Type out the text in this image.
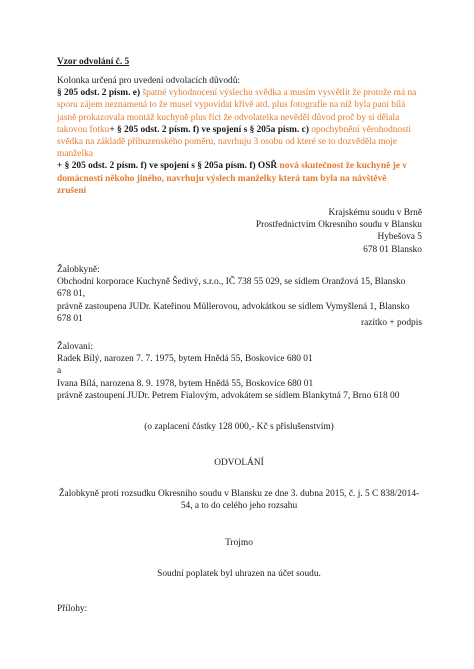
Vzor odvolání č. 5
Kolonka určená pro uvedení odvolacích důvodů:
§ 205 odst. 2 písm. e) špatné vyhodnocení výslechu svědka a musím vysvětlit že protože má na sporu zájem neznamená to že musel vypovídat křivě atd. plus fotografie na níž byla paní bílá jasně prokazovala montáž kuchyně plus říct že odvolatelka nevěděl důvod proč by si dělala takovou fotku+ § 205 odst. 2 písm. f) ve spojení s § 205a písm. c) opochybnění věrohodnosti svědka na základě příbuzenského poměru, navrhuju 3 osobu od které se to dozvěděla moje manželka
+ § 205 odst. 2 písm. f) ve spojení s § 205a písm. f) OSŘ nová skutečnost že kuchyně je v domácnosti někoho jiného, navrhuju výslech manželky která tam byla na návštěvě
zrušení
Krajskému soudu v Brně
Prostřednictvím Okresního soudu v Blansku
Hybešova 5
678 01 Blansko
Žalobkyně:
Obchodní korporace Kuchyně Šedivý, s.r.o., IČ 738 55 029, se sídlem Oranžová 15, Blansko 678 01,
právně zastoupena JUDr. Kateřinou Müllerovou, advokátkou se sídlem Vymyšlená 1, Blansko 678 01	razítko + podpis
Žalovaní:
Radek Bílý, narozen 7. 7. 1975, bytem Hnědá 55, Boskovice 680 01
a
Ivana Bílá, narozena 8. 9. 1978, bytem Hnědá 55, Boskovice 680 01
právně zastoupení JUDr. Petrem Fialovým, advokátem se sídlem Blankytná 7, Brno 618 00
(o zaplacení částky 128 000,- Kč s příslušenstvím)
ODVOLÁNÍ
Žalobkyně proti rozsudku Okresního soudu v Blansku ze dne 3. dubna 2015, č. j. 5 C 838/2014-54, a to do celého jeho rozsahu
Trojmo
Soudní poplatek byl uhrazen na účet soudu.
Přílohy:
